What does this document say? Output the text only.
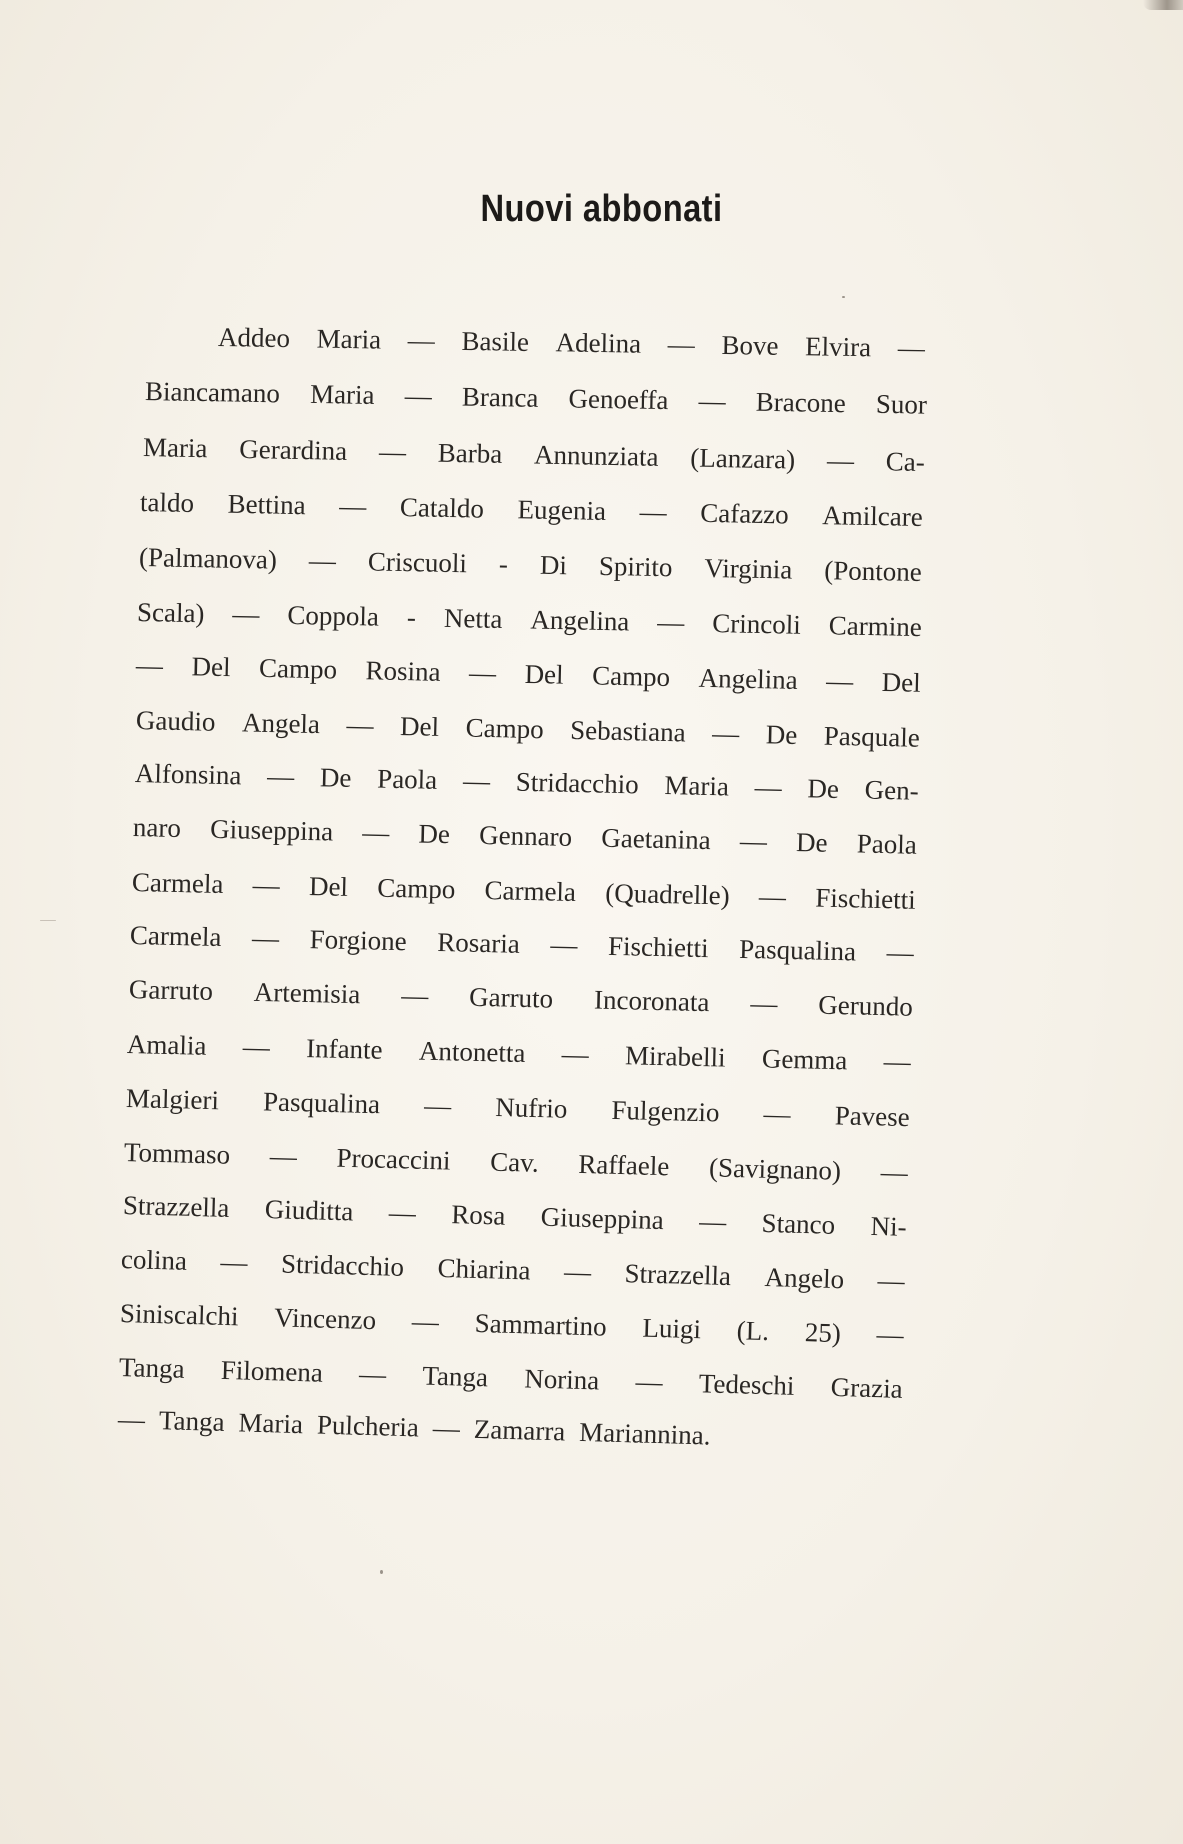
Nuovi abbonati
Addeo Maria — Basile Adelina — Bove Elvira —
Biancamano Maria — Branca Genoeffa — Bracone Suor
Maria Gerardina — Barba Annunziata (Lanzara) — Ca-
taldo Bettina — Cataldo Eugenia — Cafazzo Amilcare
(Palmanova) — Criscuoli - Di Spirito Virginia (Pontone
Scala) — Coppola - Netta Angelina — Crincoli Carmine
— Del Campo Rosina — Del Campo Angelina — Del
Gaudio Angela — Del Campo Sebastiana — De Pasquale
Alfonsina — De Paola — Stridacchio Maria — De Gen-
naro Giuseppina — De Gennaro Gaetanina — De Paola
Carmela — Del Campo Carmela (Quadrelle) — Fischietti
Carmela — Forgione Rosaria — Fischietti Pasqualina —
Garruto Artemisia — Garruto Incoronata — Gerundo
Amalia — Infante Antonetta — Mirabelli Gemma —
Malgieri Pasqualina — Nufrio Fulgenzio — Pavese
Tommaso — Procaccini Cav. Raffaele (Savignano) —
Strazzella Giuditta — Rosa Giuseppina — Stanco Ni-
colina — Stridacchio Chiarina — Strazzella Angelo —
Siniscalchi Vincenzo — Sammartino Luigi (L. 25) —
Tanga Filomena — Tanga Norina — Tedeschi Grazia
— Tanga Maria Pulcheria — Zamarra Mariannina.
